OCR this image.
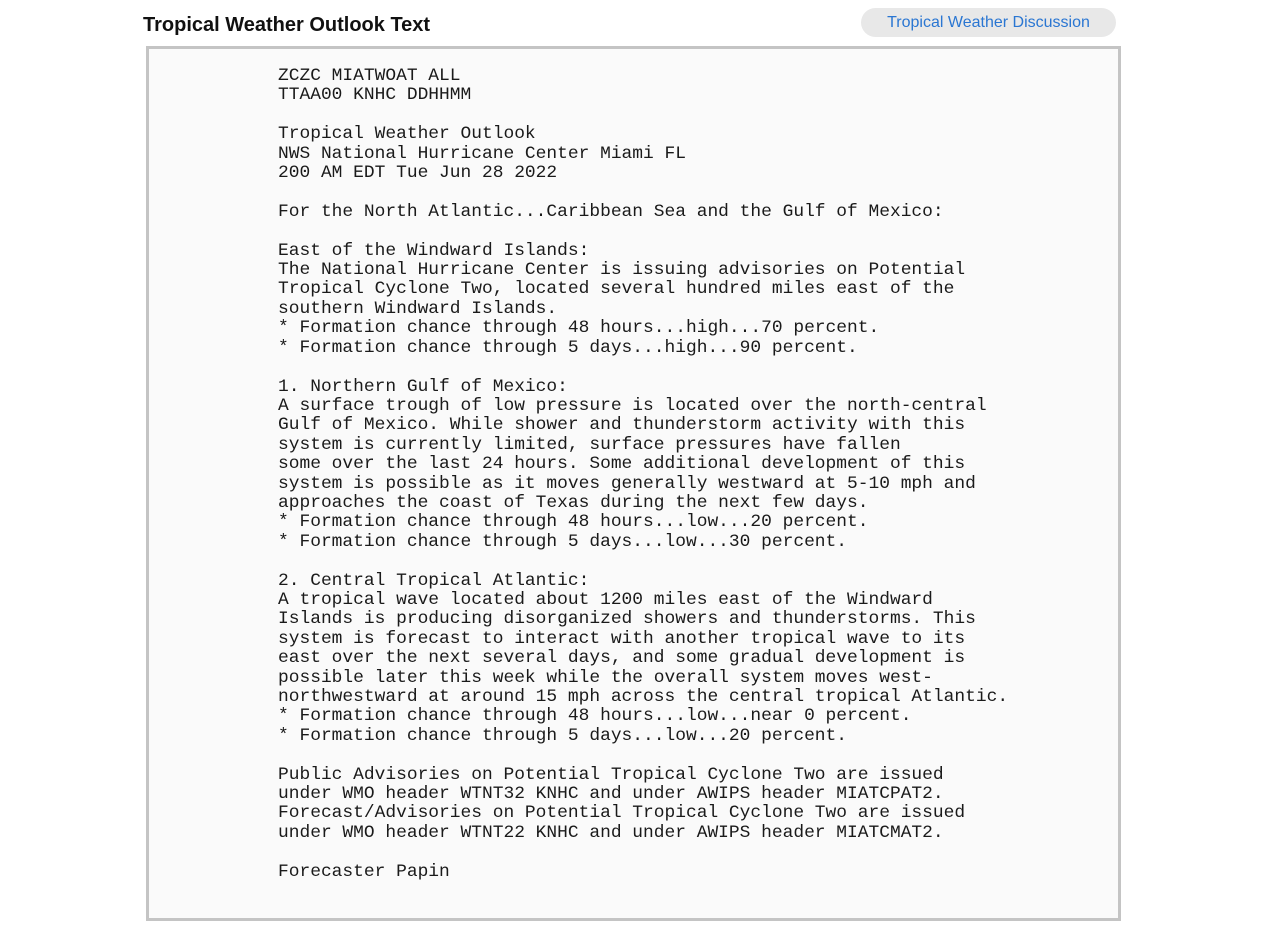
Tropical Weather Outlook Text	Tropical Weather Discussion
ZCZC MIATWOAT ALL
TTAA00 KNHC DDHHMM

Tropical Weather Outlook
NWS National Hurricane Center Miami FL
200 AM EDT Tue Jun 28 2022

For the North Atlantic...Caribbean Sea and the Gulf of Mexico:

East of the Windward Islands:
The National Hurricane Center is issuing advisories on Potential
Tropical Cyclone Two, located several hundred miles east of the
southern Windward Islands.
* Formation chance through 48 hours...high...70 percent.
* Formation chance through 5 days...high...90 percent.

1. Northern Gulf of Mexico:
A surface trough of low pressure is located over the north-central
Gulf of Mexico. While shower and thunderstorm activity with this
system is currently limited, surface pressures have fallen
some over the last 24 hours. Some additional development of this
system is possible as it moves generally westward at 5-10 mph and
approaches the coast of Texas during the next few days.
* Formation chance through 48 hours...low...20 percent.
* Formation chance through 5 days...low...30 percent.

2. Central Tropical Atlantic:
A tropical wave located about 1200 miles east of the Windward
Islands is producing disorganized showers and thunderstorms. This
system is forecast to interact with another tropical wave to its
east over the next several days, and some gradual development is
possible later this week while the overall system moves west-
northwestward at around 15 mph across the central tropical Atlantic.
* Formation chance through 48 hours...low...near 0 percent.
* Formation chance through 5 days...low...20 percent.

Public Advisories on Potential Tropical Cyclone Two are issued
under WMO header WTNT32 KNHC and under AWIPS header MIATCPAT2.
Forecast/Advisories on Potential Tropical Cyclone Two are issued
under WMO header WTNT22 KNHC and under AWIPS header MIATCMAT2.

Forecaster Papin
